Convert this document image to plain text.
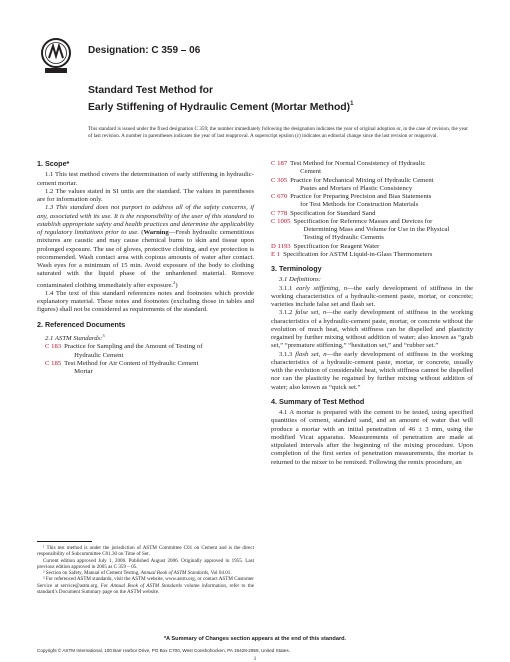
Designation: C 359 – 06
Standard Test Method for
Early Stiffening of Hydraulic Cement (Mortar Method)$^1$
This standard is issued under the fixed designation C 359; the number immediately following the designation indicates the year of original adoption or, in the case of revision, the year of last revision. A number in parentheses indicates the year of last reapproval. A superscript epsilon (ε) indicates an editorial change since the last revision or reapproval.
1. Scope*

1.1 This test method covers the determination of early stiffening in hydraulic-cement mortar.

1.2 The values stated in SI units are the standard. The values in parentheses are for information only.

1.3 This standard does not purport to address all of the safety concerns, if any, associated with its use. It is the responsibility of the user of this standard to establish appropriate safety and health practices and determine the applicability of regulatory limitations prior to use. (Warning—Fresh hydraulic cementitious mixtures are caustic and may cause chemical burns to skin and tissue upon prolonged exposure. The use of gloves, protective clothing, and eye protection is recommended. Wash contact area with copious amounts of water after contact. Wash eyes for a minimum of 15 min. Avoid exposure of the body to clothing saturated with the liquid phase of the unhardened material. Remove contaminated clothing immediately after exposure.$^2$)

1.4 The text of this standard references notes and footnotes which provide explanatory material. These notes and footnotes (excluding those in tables and figures) shall not be considered as requirements of the standard.

2. Referenced Documents

2.1 ASTM Standards:$^3$

C 183 Practice for Sampling and the Amount of Testing of
Hydraulic Cement
C 185 Test Method for Air Content of Hydraulic Cement
Mortar
C 187 Test Method for Normal Consistency of Hydraulic
Cement
C 305 Practice for Mechanical Mixing of Hydraulic Cement
Pastes and Mortars of Plastic Consistency
C 670 Practice for Preparing Precision and Bias Statements
for Test Methods for Construction Materials
C 778 Specification for Standard Sand
C 1005 Specification for Reference Masses and Devices for
Determining Mass and Volume for Use in the Physical
Testing of Hydraulic Cements
D 1193 Specification for Reagent Water
E 1 Specification for ASTM Liquid-in-Glass Thermometers
3. Terminology

3.1 Definitions:

3.1.1 early stiffening, n—the early development of stiffness in the working characteristics of a hydraulic-cement paste, mortar, or concrete; varieties include false set and flash set.

3.1.2 false set, n—the early development of stiffness in the working characteristics of a hydraulic-cement paste, mortar, or concrete without the evolution of much heat, which stiffness can be dispelled and plasticity regained by further mixing without addition of water; also known as “grab set,” “premature stiffening,” “hesitation set,” and “rubber set.”

3.1.3 flash set, n—the early development of stiffness in the working characteristics of a hydraulic-cement paste, mortar, or concrete, usually with the evolution of considerable heat, which stiffness cannot be dispelled nor can the plasticity be regained by further mixing without addition of water; also known as “quick set.”

4. Summary of Test Method

4.1 A mortar is prepared with the cement to be tested, using specified quantities of cement, standard sand, and an amount of water that will produce a mortar with an initial penetration of 46 ± 3 mm, using the modified Vicat apparatus. Measurements of penetration are made at stipulated intervals after the beginning of the mixing procedure. Upon completion of the first series of penetration measurements, the mortar is returned to the mixer to be remixed. Following the remix procedure, an

¹ This test method is under the jurisdiction of ASTM Committee C01 on Cement and is the direct responsibility of Subcommittee C01.30 on Time of Set.

Current edition approved July 1, 2006. Published August 2006. Originally approved in 1955. Last previous edition approved in 2005 as C 359 – 05.

² Section on Safety, Manual of Cement Testing, Annual Book of ASTM Standards, Vol 04.01.

³ For referenced ASTM standards, visit the ASTM website, www.astm.org, or contact ASTM Customer Service at service@astm.org. For Annual Book of ASTM Standards volume information, refer to the standard’s Document Summary page on the ASTM website.

*A Summary of Changes section appears at the end of this standard.
Copyright © ASTM International, 100 Barr Harbor Drive, PO Box C700, West Conshohocken, PA 19428-2959, United States.
1
